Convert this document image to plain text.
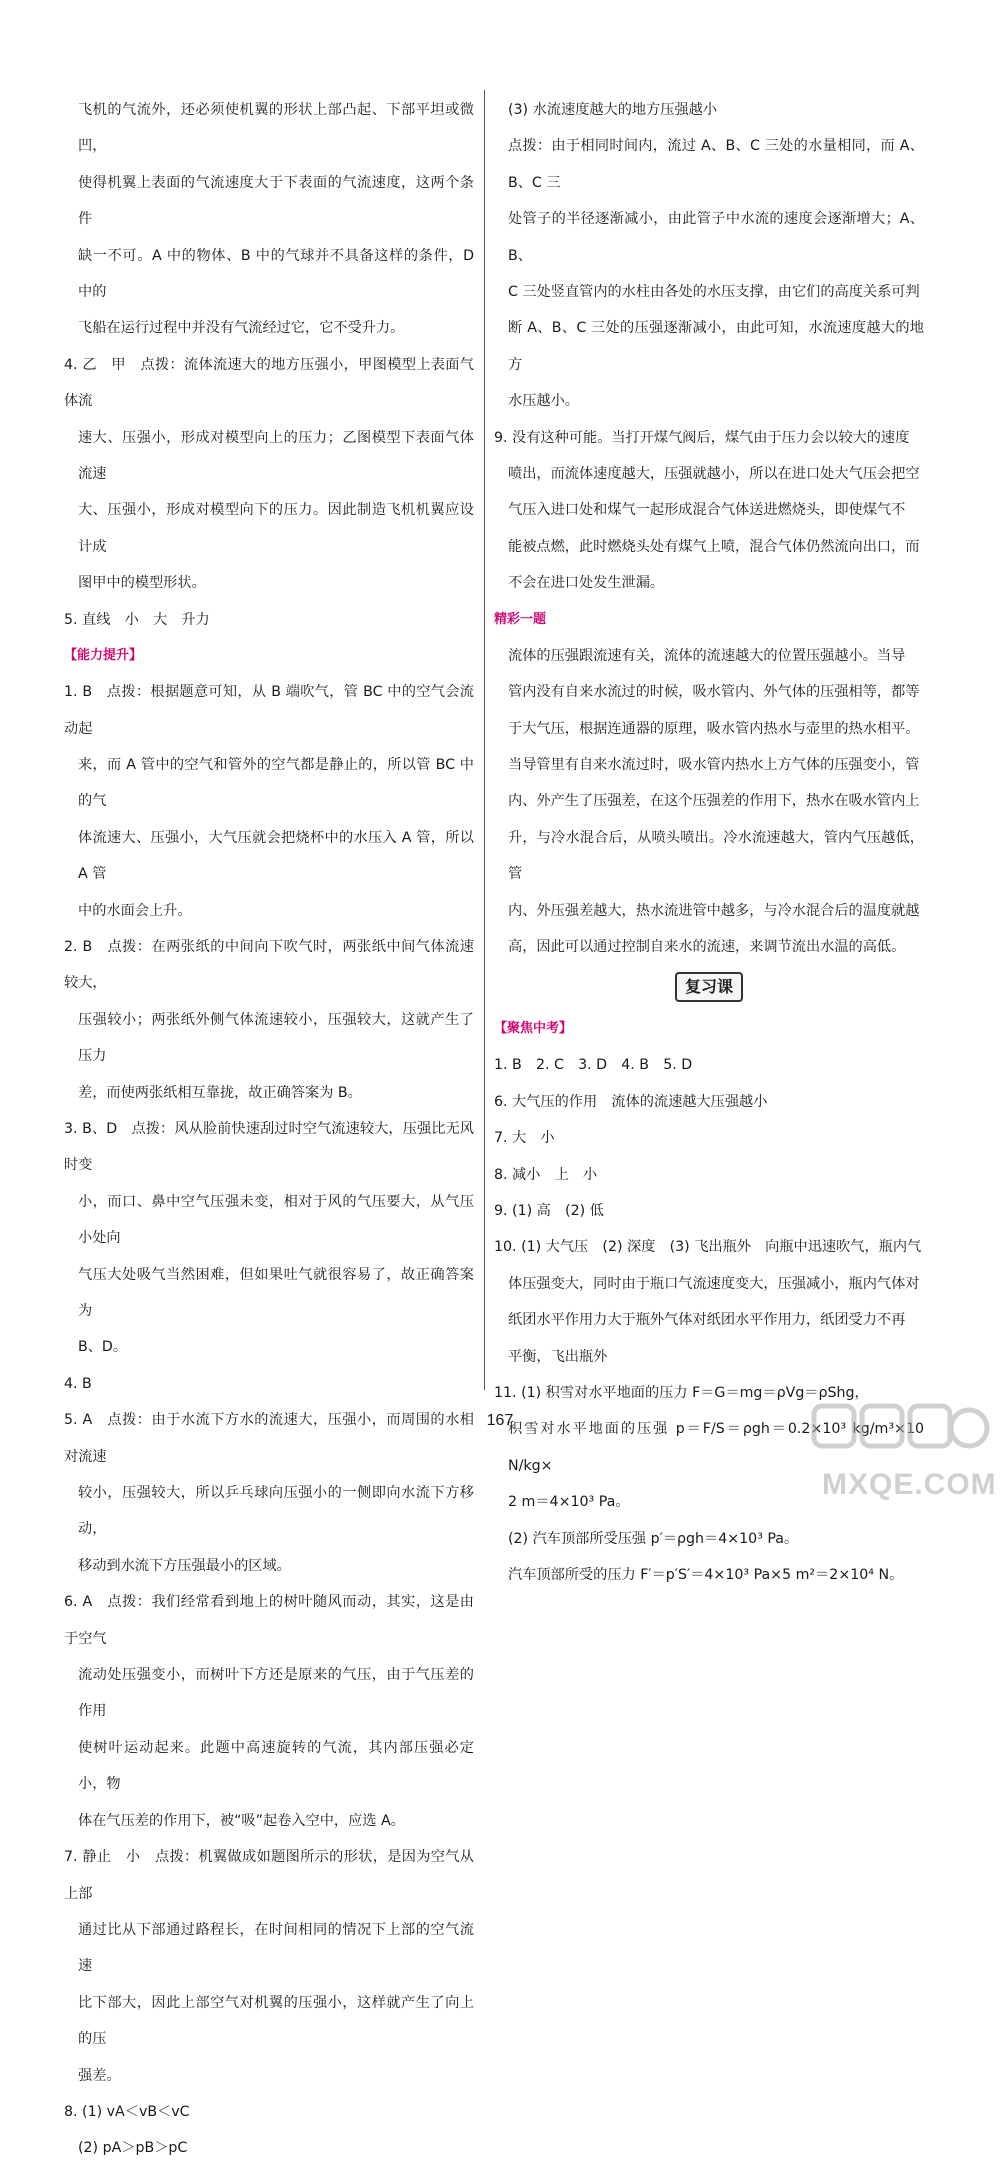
飞机的气流外，还必须使机翼的形状上部凸起、下部平坦或微凹，

使得机翼上表面的气流速度大于下表面的气流速度，这两个条件

缺一不可。A 中的物体、B 中的气球并不具备这样的条件，D 中的

飞船在运行过程中并没有气流经过它，它不受升力。

4. 乙　甲　点拨：流体流速大的地方压强小，甲图模型上表面气体流

速大、压强小，形成对模型向上的压力；乙图模型下表面气体流速

大、压强小，形成对模型向下的压力。因此制造飞机机翼应设计成

图甲中的模型形状。

5. 直线　小　大　升力

【能力提升】

1. B　点拨：根据题意可知，从 B 端吹气，管 BC 中的空气会流动起

来，而 A 管中的空气和管外的空气都是静止的，所以管 BC 中的气

体流速大、压强小，大气压就会把烧杯中的水压入 A 管，所以 A 管

中的水面会上升。

2. B　点拨：在两张纸的中间向下吹气时，两张纸中间气体流速较大，

压强较小；两张纸外侧气体流速较小，压强较大，这就产生了压力

差，而使两张纸相互靠拢，故正确答案为 B。

3. B、D　点拨：风从脸前快速刮过时空气流速较大，压强比无风时变

小，而口、鼻中空气压强未变，相对于风的气压要大，从气压小处向

气压大处吸气当然困难，但如果吐气就很容易了，故正确答案为

B、D。

4. B

5. A　点拨：由于水流下方水的流速大，压强小，而周围的水相对流速

较小，压强较大，所以乒乓球向压强小的一侧即向水流下方移动，

移动到水流下方压强最小的区域。

6. A　点拨：我们经常看到地上的树叶随风而动，其实，这是由于空气

流动处压强变小，而树叶下方还是原来的气压，由于气压差的作用

使树叶运动起来。此题中高速旋转的气流，其内部压强必定小，物

体在气压差的作用下，被“吸”起卷入空中，应选 A。

7. 静止　小　点拨：机翼做成如题图所示的形状，是因为空气从上部

通过比从下部通过路程长，在时间相同的情况下上部的空气流速

比下部大，因此上部空气对机翼的压强小，这样就产生了向上的压

强差。

8. (1) vA＜vB＜vC

(2) pA＞pB＞pC

(3) 水流速度越大的地方压强越小

点拨：由于相同时间内，流过 A、B、C 三处的水量相同，而 A、B、C 三

处管子的半径逐渐减小，由此管子中水流的速度会逐渐增大；A、B、

C 三处竖直管内的水柱由各处的水压支撑，由它们的高度关系可判

断 A、B、C 三处的压强逐渐减小，由此可知，水流速度越大的地方

水压越小。

9. 没有这种可能。当打开煤气阀后，煤气由于压力会以较大的速度

喷出，而流体速度越大，压强就越小，所以在进口处大气压会把空

气压入进口处和煤气一起形成混合气体送进燃烧头，即使煤气不

能被点燃，此时燃烧头处有煤气上喷，混合气体仍然流向出口，而

不会在进口处发生泄漏。

精彩一题

流体的压强跟流速有关，流体的流速越大的位置压强越小。当导

管内没有自来水流过的时候，吸水管内、外气体的压强相等，都等

于大气压，根据连通器的原理，吸水管内热水与壶里的热水相平。

当导管里有自来水流过时，吸水管内热水上方气体的压强变小，管

内、外产生了压强差，在这个压强差的作用下，热水在吸水管内上

升，与冷水混合后，从喷头喷出。冷水流速越大，管内气压越低，管

内、外压强差越大，热水流进管中越多，与冷水混合后的温度就越

高，因此可以通过控制自来水的流速，来调节流出水温的高低。

复习课

【聚焦中考】

1. B　2. C　3. D　4. B　5. D

6. 大气压的作用　流体的流速越大压强越小

7. 大　小

8. 减小　上　小

9. (1) 高　(2) 低

10. (1) 大气压　(2) 深度　(3) 飞出瓶外　向瓶中迅速吹气，瓶内气

体压强变大，同时由于瓶口气流速度变大，压强减小，瓶内气体对

纸团水平作用力大于瓶外气体对纸团水平作用力，纸团受力不再

平衡，飞出瓶外

11. (1) 积雪对水平地面的压力 F＝G＝mg＝ρVg＝ρShg，

积雪对水平地面的压强 p＝F/S＝ρgh＝0.2×10³ kg/m³×10 N/kg×

2 m＝4×10³ Pa。

(2) 汽车顶部所受压强 p′＝ρgh＝4×10³ Pa。

汽车顶部所受的压力 F′＝p′S′＝4×10³ Pa×5 m²＝2×10⁴ N。

167
MXQE.COM
